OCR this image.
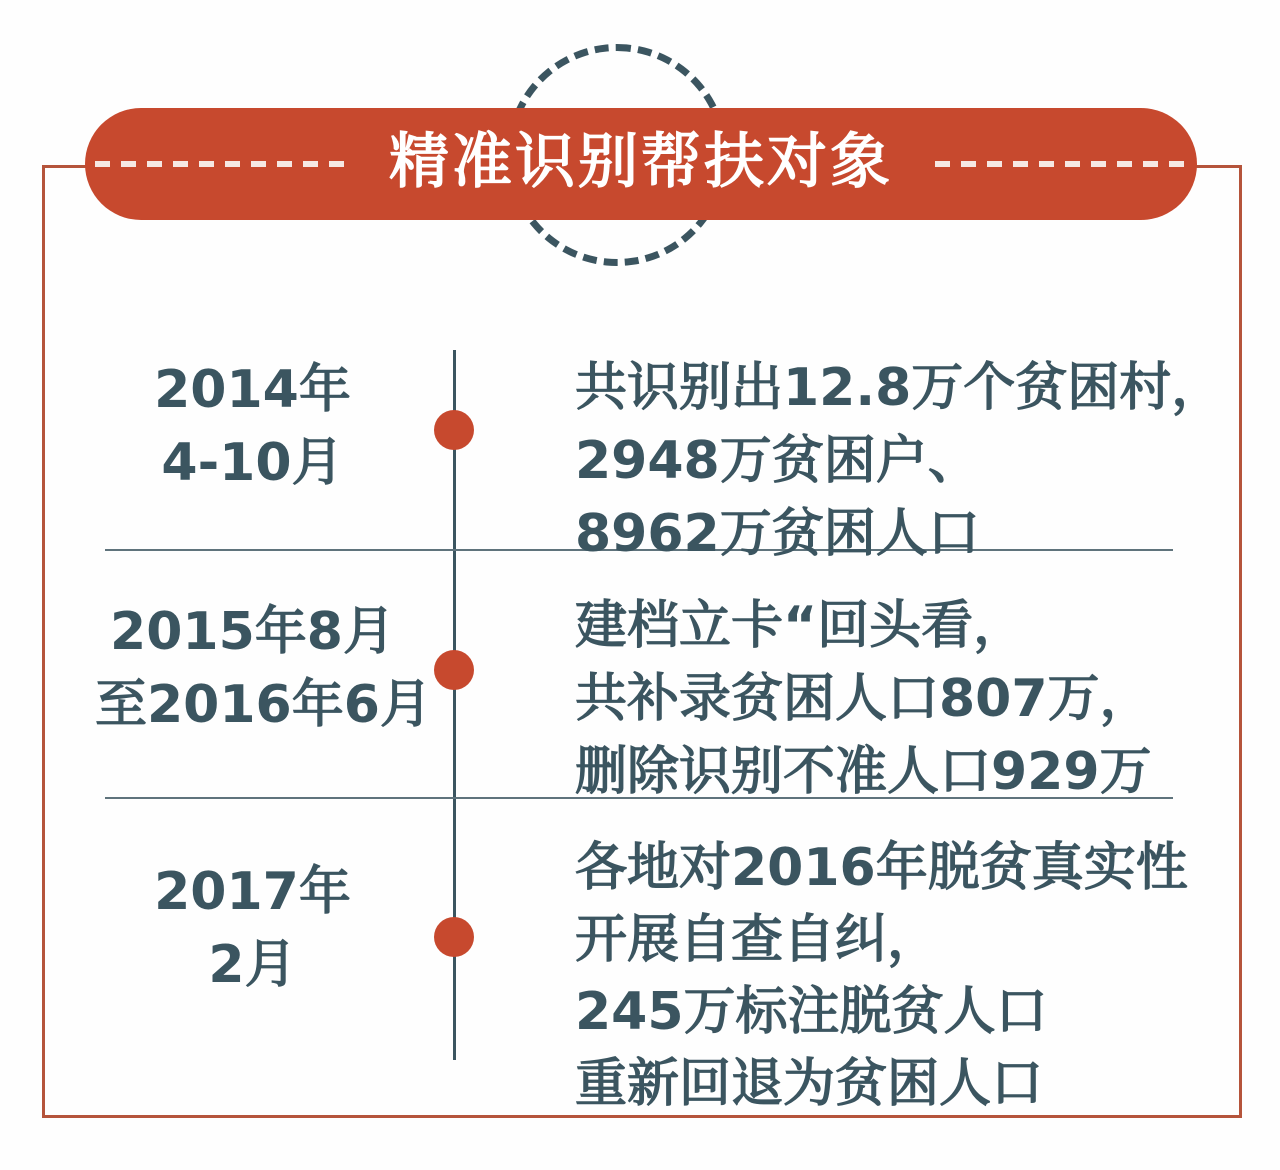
精准识别帮扶对象
2014年
4-10月
共识别出12.8万个贫困村，
2948万贫困户、
8962万贫困人口
2015年8月
至2016年6月
建档立卡“回头看，
共补录贫困人口807万，
删除识别不准人口929万
2017年
2月
各地对2016年脱贫真实性
开展自查自纠，
245万标注脱贫人口
重新回退为贫困人口
